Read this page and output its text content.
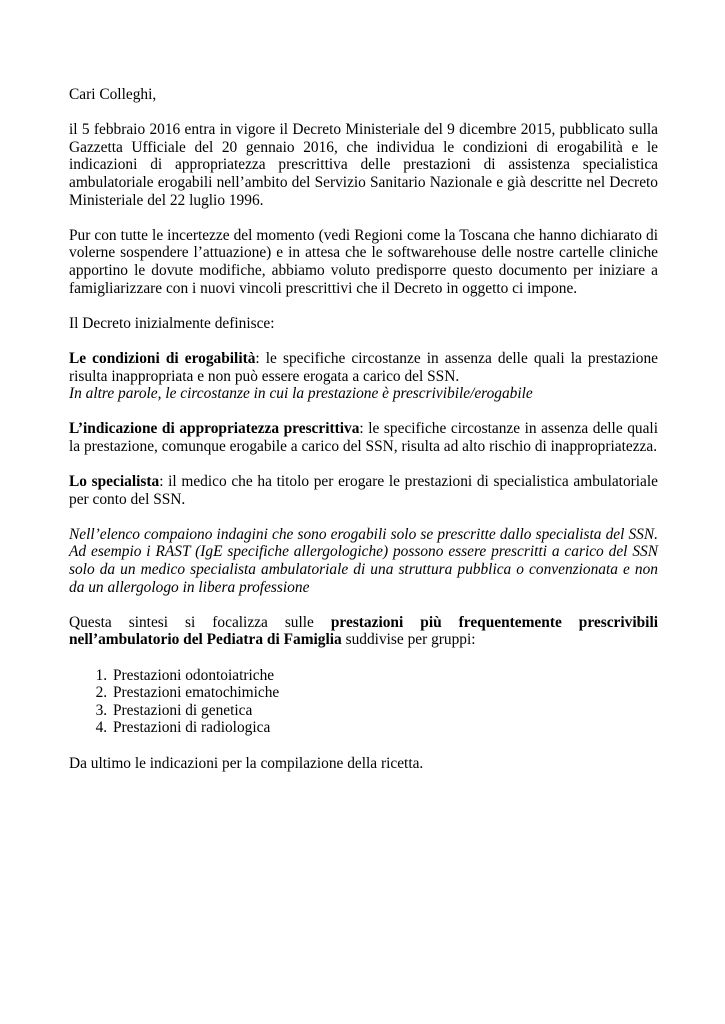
Cari Colleghi,

il 5 febbraio 2016 entra in vigore il Decreto Ministeriale del 9 dicembre 2015, pubblicato sulla Gazzetta Ufficiale del 20 gennaio 2016, che individua le condizioni di erogabilità e le indicazioni di appropriatezza prescrittiva delle prestazioni di assistenza specialistica ambulatoriale erogabili nell’ambito del Servizio Sanitario Nazionale e già descritte nel Decreto Ministeriale del 22 luglio 1996.

Pur con tutte le incertezze del momento (vedi Regioni come la Toscana che hanno dichiarato di volerne sospendere l’attuazione) e in attesa che le softwarehouse delle nostre cartelle cliniche apportino le dovute modifiche, abbiamo voluto predisporre questo documento per iniziare a famigliarizzare con i nuovi vincoli prescrittivi che il Decreto in oggetto ci impone.

Il Decreto inizialmente definisce:

Le condizioni di erogabilità: le specifiche circostanze in assenza delle quali la prestazione risulta inappropriata e non può essere erogata a carico del SSN.

In altre parole, le circostanze in cui la prestazione è prescrivibile/erogabile

L’indicazione di appropriatezza prescrittiva: le specifiche circostanze in assenza delle quali la prestazione, comunque erogabile a carico del SSN, risulta ad alto rischio di inappropriatezza.

Lo specialista: il medico che ha titolo per erogare le prestazioni di specialistica ambulatoriale per conto del SSN.

Nell’elenco compaiono indagini che sono erogabili solo se prescritte dallo specialista del SSN. Ad esempio i RAST (IgE specifiche allergologiche) possono essere prescritti a carico del SSN solo da un medico specialista ambulatoriale di una struttura pubblica o convenzionata e non da un allergologo in libera professione

Questa sintesi si focalizza sulle prestazioni più frequentemente prescrivibili nell’ambulatorio del Pediatra di Famiglia suddivise per gruppi:

1. Prestazioni odontoiatriche
2. Prestazioni ematochimiche
3. Prestazioni di genetica
4. Prestazioni di radiologica

Da ultimo le indicazioni per la compilazione della ricetta.
